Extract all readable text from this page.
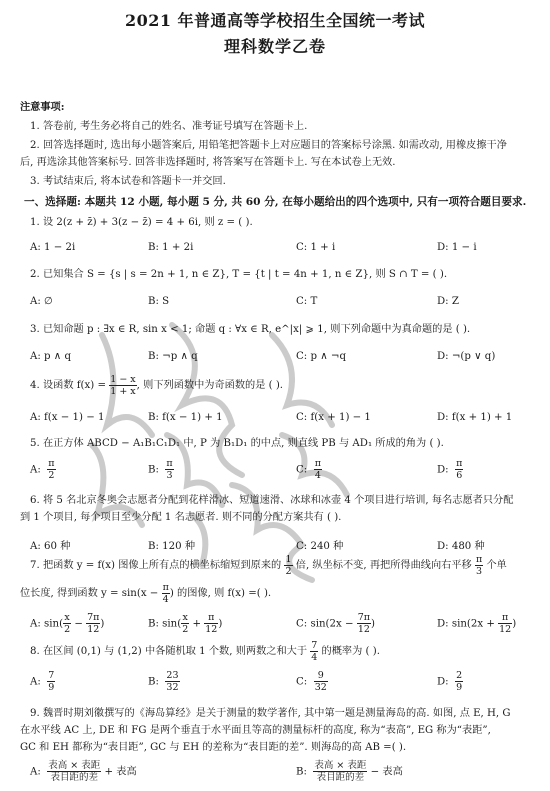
2021 年普通高等学校招生全国统一考试
理科数学乙卷
注意事项:
1. 答卷前, 考生务必将自己的姓名、准考证号填写在答题卡上.
2. 回答选择题时, 选出每小题答案后, 用铅笔把答题卡上对应题目的答案标号涂黑. 如需改动, 用橡皮擦干净
后, 再选涂其他答案标号. 回答非选择题时, 将答案写在答题卡上. 写在本试卷上无效.
3. 考试结束后, 将本试卷和答题卡一并交回.
一、选择题: 本题共 12 小题, 每小题 5 分, 共 60 分, 在每小题给出的四个选项中, 只有一项符合题目要求.
1. 设 2(z + z̄) + 3(z − z̄) = 4 + 6i, 则 z = ( ).
A: 1 − 2i	B: 1 + 2i	C: 1 + i	D: 1 − i
2. 已知集合 S = {s | s = 2n + 1, n ∈ Z}, T = {t | t = 4n + 1, n ∈ Z}, 则 S ∩ T = ( ).
A: ∅	B: S	C: T	D: Z
3. 已知命题 p : ∃x ∈ R, sin x < 1; 命题 q : ∀x ∈ R, e^|x| ⩾ 1, 则下列命题中为真命题的是 ( ).
A: p ∧ q	B: ¬p ∧ q	C: p ∧ ¬q	D: ¬(p ∨ q)
4. 设函数 $f(x) = \frac{1 - x}{1 + x}$ , 则下列函数中为奇函数的是 ( ).
A: f(x − 1) − 1	B: f(x − 1) + 1	C: f(x + 1) − 1	D: f(x + 1) + 1
5. 在正方体 ABCD − A₁B₁C₁D₁ 中, P 为 B₁D₁ 的中点, 则直线 PB 与 AD₁ 所成的角为 ( ).
A: $\frac{\pi}{2}$	B: $\frac{\pi}{3}$	C: $\frac{\pi}{4}$	D: $\frac{\pi}{6}$
6. 将 5 名北京冬奥会志愿者分配到花样滑冰、短道速滑、冰球和冰壶 4 个项目进行培训, 每名志愿者只分配
到 1 个项目, 每个项目至少分配 1 名志愿者. 则不同的分配方案共有 ( ).
A: 60 种	B: 120 种	C: 240 种	D: 480 种
7. 把函数 y = f(x) 图像上所有点的横坐标缩短到原来的 $\frac{1}{2}$ 倍, 纵坐标不变, 再把所得曲线向右平移 $\frac{\pi}{3}$ 个单
位长度, 得到函数 $y = \sin(x - \frac{\pi}{4}$ ) 的图像, 则 f(x) =( ).
A: $\sin( \frac{x}{2} - \frac{7\pi}{12}$ )	B: $\sin( \frac{x}{2} + \frac{\pi}{12}$ )	C: $\sin(2x - \frac{7\pi}{12}$ )	D: $\sin(2x + \frac{\pi}{12}$ )
8. 在区间 (0,1) 与 (1,2) 中各随机取 1 个数, 则两数之和大于 $\frac{7}{4}$ 的概率为 ( ).
A: $\frac{7}{9}$	B: $\frac{23}{32}$	C: $\frac{9}{32}$	D: $\frac{2}{9}$
9. 魏晋时期刘徽撰写的《海岛算经》是关于测量的数学著作, 其中第一题是测量海岛的高. 如图, 点 E, H, G
在水平线 AC 上, DE 和 FG 是两个垂直于水平面且等高的测量标杆的高度, 称为“表高”, EG 称为“表距”,
GC 和 EH 都称为“表目距”, GC 与 EH 的差称为“表目距的差”. 则海岛的高 AB =( ).
A: $\frac{\text{表高 × 表距}}{\text{表目距的差}}$ + 表高	B: $\frac{\text{表高 × 表距}}{\text{表目距的差}}$ − 表高
